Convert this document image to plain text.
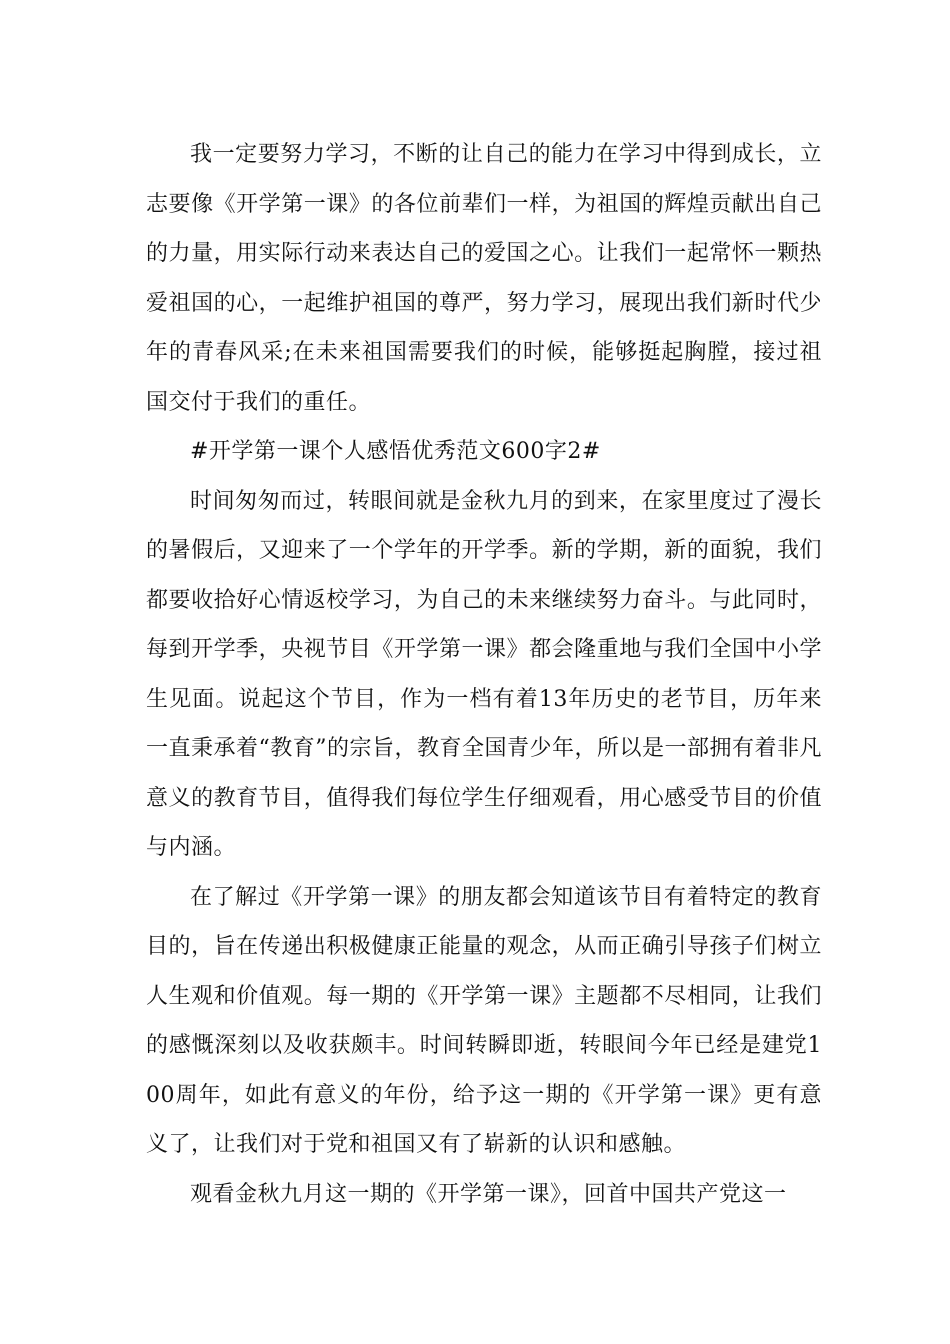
我一定要努力学习，不断的让自己的能力在学习中得到成长，立志要像《开学第一课》的各位前辈们一样，为祖国的辉煌贡献出自己的力量，用实际行动来表达自己的爱国之心。让我们一起常怀一颗热爱祖国的心，一起维护祖国的尊严，努力学习，展现出我们新时代少年的青春风采;在未来祖国需要我们的时候，能够挺起胸膛，接过祖国交付于我们的重任。

#开学第一课个人感悟优秀范文600字2#

时间匆匆而过，转眼间就是金秋九月的到来，在家里度过了漫长的暑假后，又迎来了一个学年的开学季。新的学期，新的面貌，我们都要收拾好心情返校学习，为自己的未来继续努力奋斗。与此同时，每到开学季，央视节目《开学第一课》都会隆重地与我们全国中小学生见面。说起这个节目，作为一档有着13年历史的老节目，历年来一直秉承着“教育”的宗旨，教育全国青少年，所以是一部拥有着非凡意义的教育节目，值得我们每位学生仔细观看，用心感受节目的价值与内涵。

在了解过《开学第一课》的朋友都会知道该节目有着特定的教育目的，旨在传递出积极健康正能量的观念，从而正确引导孩子们树立人生观和价值观。每一期的《开学第一课》主题都不尽相同，让我们的感慨深刻以及收获颇丰。时间转瞬即逝，转眼间今年已经是建党100周年，如此有意义的年份，给予这一期的《开学第一课》更有意义了，让我们对于党和祖国又有了崭新的认识和感触。

观看金秋九月这一期的《开学第一课》，回首中国共产党这一
